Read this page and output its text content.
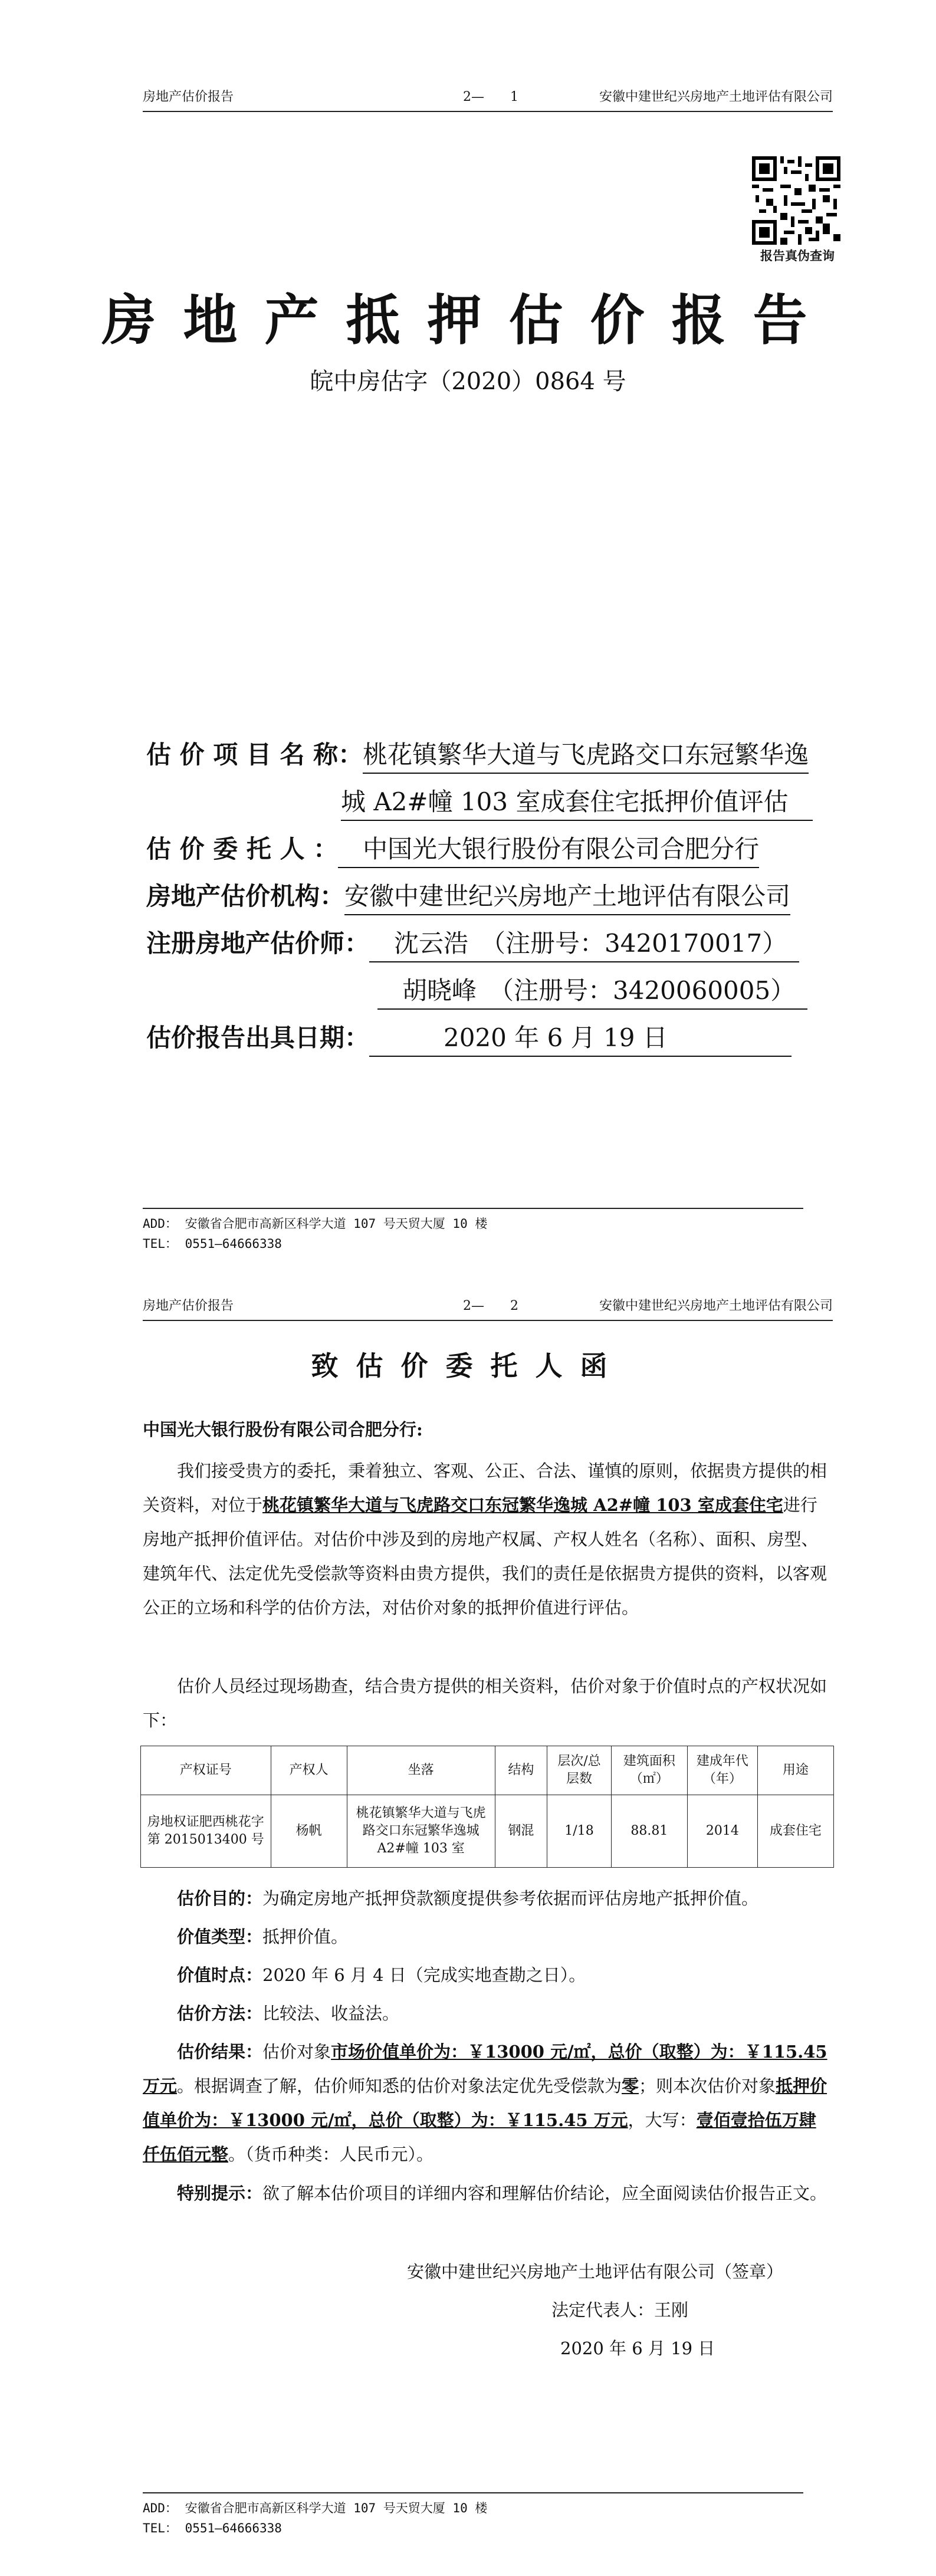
房地产估价报告	2—　　1	安徽中建世纪兴房地产土地评估有限公司
报告真伪查询
房地产抵押估价报告
皖中房估字（2020）0864 号
估 价 项 目 名 称：桃花镇繁华大道与飞虎路交口东冠繁华逸
城 A2#幢 103 室成套住宅抵押价值评估　
估 价 委 托 人 ：　中国光大银行股份有限公司合肥分行
房地产估价机构：安徽中建世纪兴房地产土地评估有限公司
注册房地产估价师：　沈云浩　（注册号：3420170017）　
　胡晓峰　（注册号：3420060005）　
估价报告出具日期：　　　2020 年 6 月 19 日　　　　　
ADD： 安徽省合肥市高新区科学大道 107 号天贸大厦 10 楼
TEL： 0551—64666338
房地产估价报告	2—　　2	安徽中建世纪兴房地产土地评估有限公司
致估价委托人函
中国光大银行股份有限公司合肥分行:
我们接受贵方的委托，秉着独立、客观、公正、合法、谨慎的原则，依据贵方提供的相关资料，对位于桃花镇繁华大道与飞虎路交口东冠繁华逸城 A2#幢 103 室成套住宅进行房地产抵押价值评估。对估价中涉及到的房地产权属、产权人姓名（名称）、面积、房型、建筑年代、法定优先受偿款等资料由贵方提供，我们的责任是依据贵方提供的资料，以客观公正的立场和科学的估价方法，对估价对象的抵押价值进行评估。
估价人员经过现场勘查，结合贵方提供的相关资料，估价对象于价值时点的产权状况如下：
产权证号	产权人	坐落	结构	层次/总层数	建筑面积（㎡）	建成年代（年）	用途
房地权证肥西桃花字第 2015013400 号	杨帆	桃花镇繁华大道与飞虎路交口东冠繁华逸城 A2#幢 103 室	钢混	1/18	88.81	2014	成套住宅
估价目的：为确定房地产抵押贷款额度提供参考依据而评估房地产抵押价值。
价值类型：抵押价值。
价值时点：2020 年 6 月 4 日（完成实地查勘之日）。
估价方法：比较法、收益法。
估价结果：估价对象市场价值单价为：￥13000 元/㎡，总价（取整）为：￥115.45 万元。根据调查了解，估价师知悉的估价对象法定优先受偿款为零；则本次估价对象抵押价值单价为：￥13000 元/㎡，总价（取整）为：￥115.45 万元，大写：壹佰壹拾伍万肆仟伍佰元整。（货币种类：人民币元）。
特别提示：欲了解本估价项目的详细内容和理解估价结论，应全面阅读估价报告正文。
安徽中建世纪兴房地产土地评估有限公司（签章）
法定代表人：王刚
2020 年 6 月 19 日
ADD： 安徽省合肥市高新区科学大道 107 号天贸大厦 10 楼
TEL： 0551—64666338
